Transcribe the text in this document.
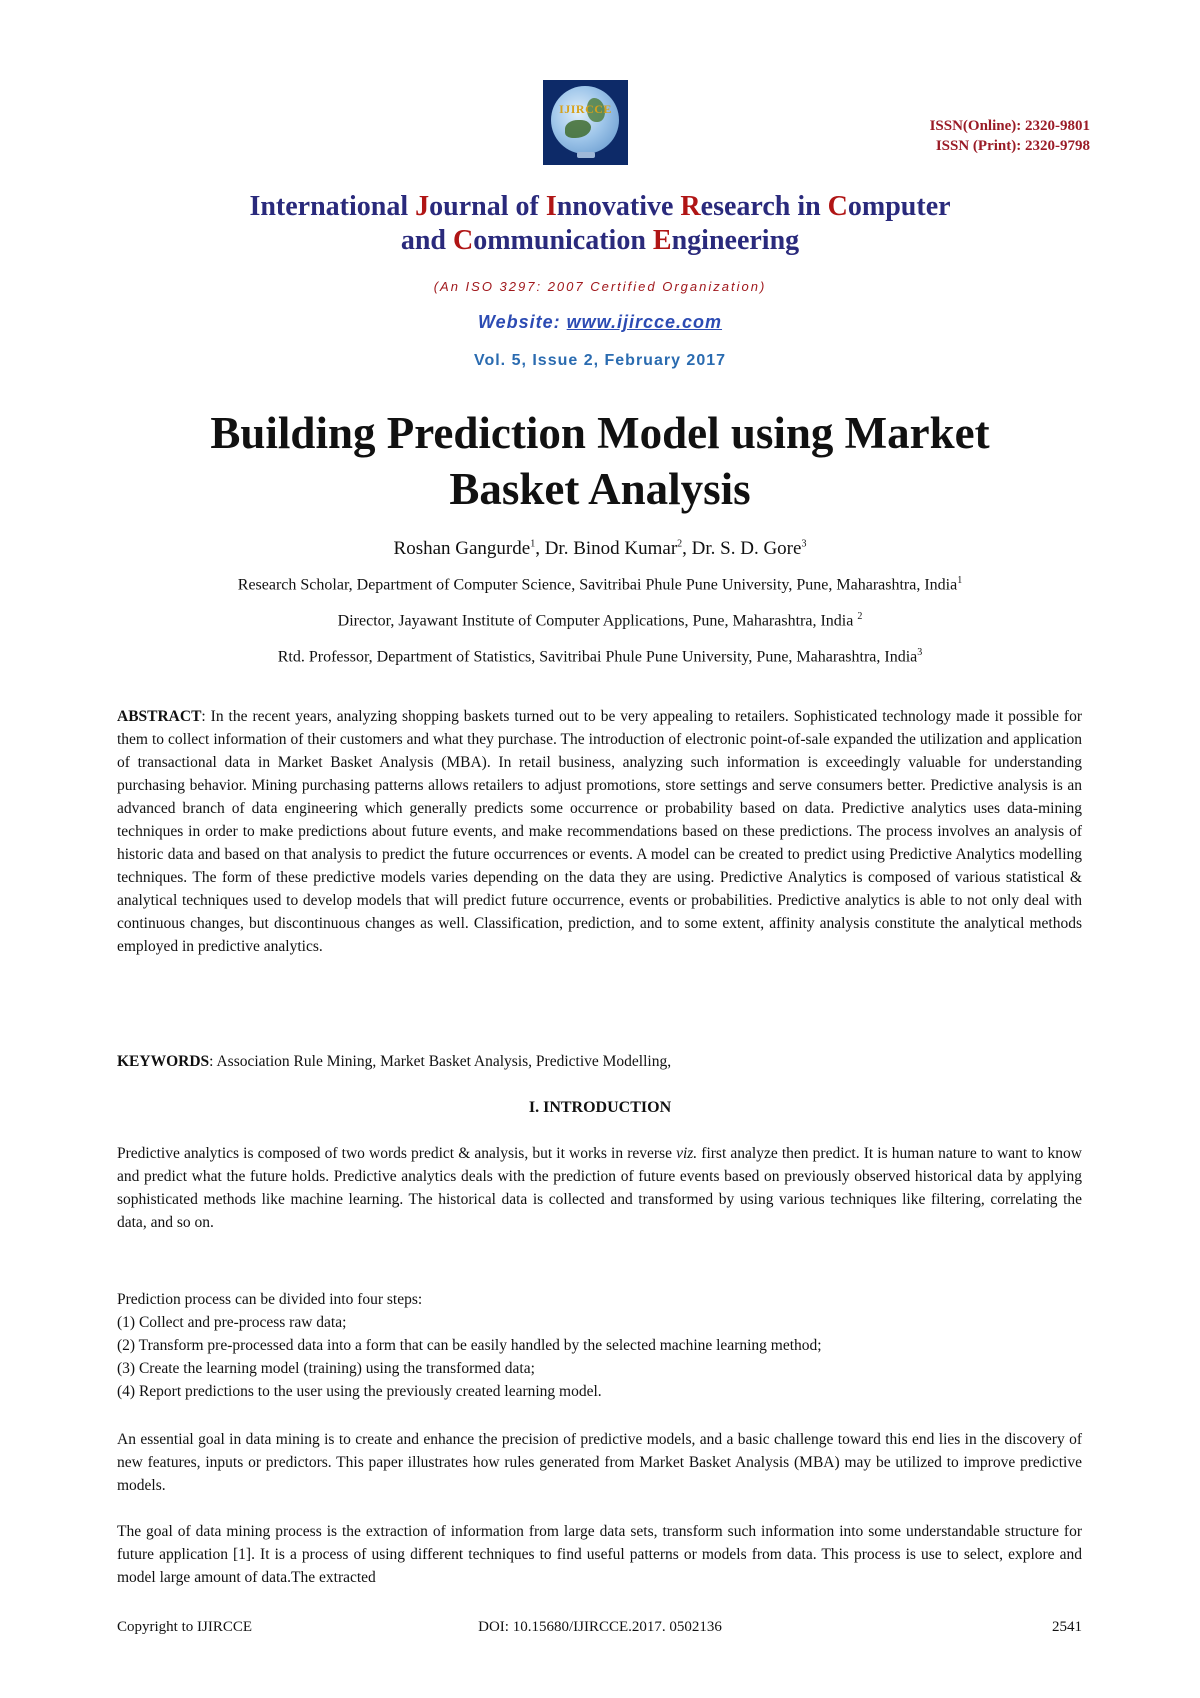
IJIRCCE
ISSN(Online): 2320-9801
ISSN (Print): 2320-9798
International Journal of Innovative Research in Computer
and Communication Engineering
(An ISO 3297: 2007 Certified Organization)
Website: www.ijircce.com
Vol. 5, Issue 2, February 2017
Building Prediction Model using Market
Basket Analysis
Roshan Gangurde$^1$, Dr. Binod Kumar$^2$, Dr. S. D. Gore$^3$
Research Scholar, Department of Computer Science, Savitribai Phule Pune University, Pune, Maharashtra, India$^1$
Director, Jayawant Institute of Computer Applications, Pune, Maharashtra, India $^2$
Rtd. Professor, Department of Statistics, Savitribai Phule Pune University, Pune, Maharashtra, India$^3$
ABSTRACT: In the recent years, analyzing shopping baskets turned out to be very appealing to retailers. Sophisticated technology made it possible for them to collect information of their customers and what they purchase. The introduction of electronic point-of-sale expanded the utilization and application of transactional data in Market Basket Analysis (MBA). In retail business, analyzing such information is exceedingly valuable for understanding purchasing behavior. Mining purchasing patterns allows retailers to adjust promotions, store settings and serve consumers better. Predictive analysis is an advanced branch of data engineering which generally predicts some occurrence or probability based on data. Predictive analytics uses data-mining techniques in order to make predictions about future events, and make recommendations based on these predictions. The process involves an analysis of historic data and based on that analysis to predict the future occurrences or events. A model can be created to predict using Predictive Analytics modelling techniques. The form of these predictive models varies depending on the data they are using. Predictive Analytics is composed of various statistical & analytical techniques used to develop models that will predict future occurrence, events or probabilities. Predictive analytics is able to not only deal with continuous changes, but discontinuous changes as well. Classification, prediction, and to some extent, affinity analysis constitute the analytical methods employed in predictive analytics.
KEYWORDS: Association Rule Mining, Market Basket Analysis, Predictive Modelling,
I. INTRODUCTION
Predictive analytics is composed of two words predict & analysis, but it works in reverse viz. first analyze then predict. It is human nature to want to know and predict what the future holds. Predictive analytics deals with the prediction of future events based on previously observed historical data by applying sophisticated methods like machine learning. The historical data is collected and transformed by using various techniques like filtering, correlating the data, and so on.
Prediction process can be divided into four steps:
(1) Collect and pre-process raw data;
(2) Transform pre-processed data into a form that can be easily handled by the selected machine learning method;
(3) Create the learning model (training) using the transformed data;
(4) Report predictions to the user using the previously created learning model.
An essential goal in data mining is to create and enhance the precision of predictive models, and a basic challenge toward this end lies in the discovery of new features, inputs or predictors. This paper illustrates how rules generated from Market Basket Analysis (MBA) may be utilized to improve predictive models.
The goal of data mining process is the extraction of information from large data sets, transform such information into some understandable structure for future application [1]. It is a process of using different techniques to find useful patterns or models from data. This process is use to select, explore and model large amount of data.The extracted
Copyright to IJIRCCE	DOI: 10.15680/IJIRCCE.2017. 0502136	2541
